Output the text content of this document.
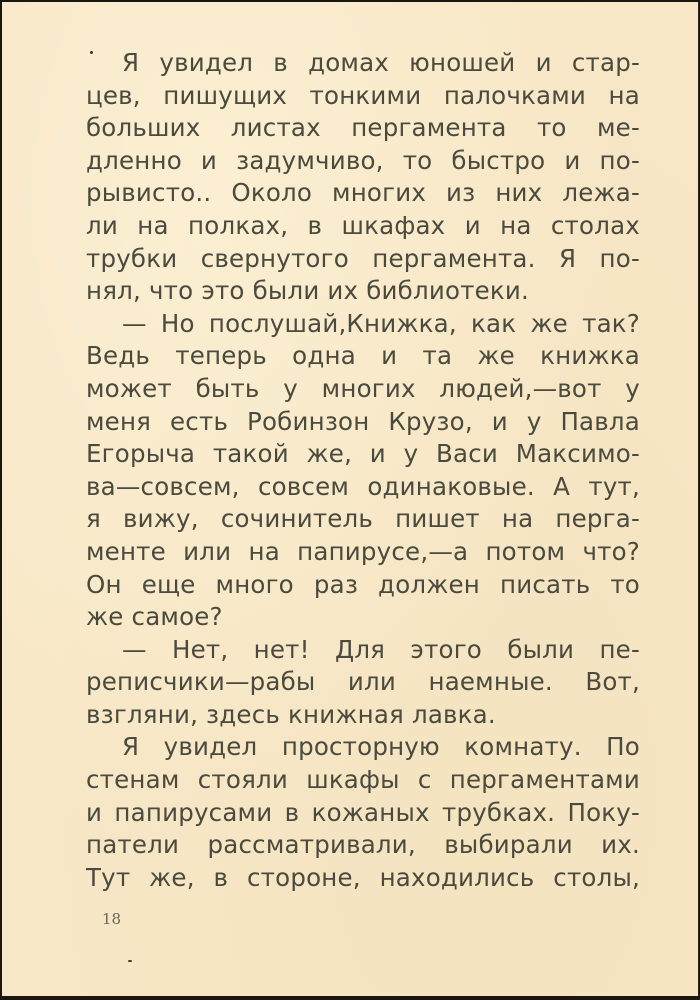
Я увидел в домах юношей и стар-
цев, пишущих тонкими палочками на
больших листах пергамента то ме-
дленно и задумчиво, то быстро и по-
рывисто.. Около многих из них лежа-
ли на полках, в шкафах и на столах
трубки свернутого пергамента. Я по-
нял, что это были их библиотеки.
— Но послушай,Книжка, как же так?
Ведь теперь одна и та же книжка
может быть у многих людей,—вот у
меня есть Робинзон Крузо, и у Павла
Егорыча такой же, и у Васи Максимо-
ва—совсем, совсем одинаковые. А тут,
я вижу, сочинитель пишет на перга-
менте или на папирусе,—а потом что?
Он еще много раз должен писать то
же самое?
— Нет, нет! Для этого были пе-
реписчики—рабы или наемные. Вот,
взгляни, здесь книжная лавка.
Я увидел просторную комнату. По
стенам стояли шкафы с пергаментами
и папирусами в кожаных трубках. Поку-
патели рассматривали, выбирали их.
Тут же, в стороне, находились столы,
18
